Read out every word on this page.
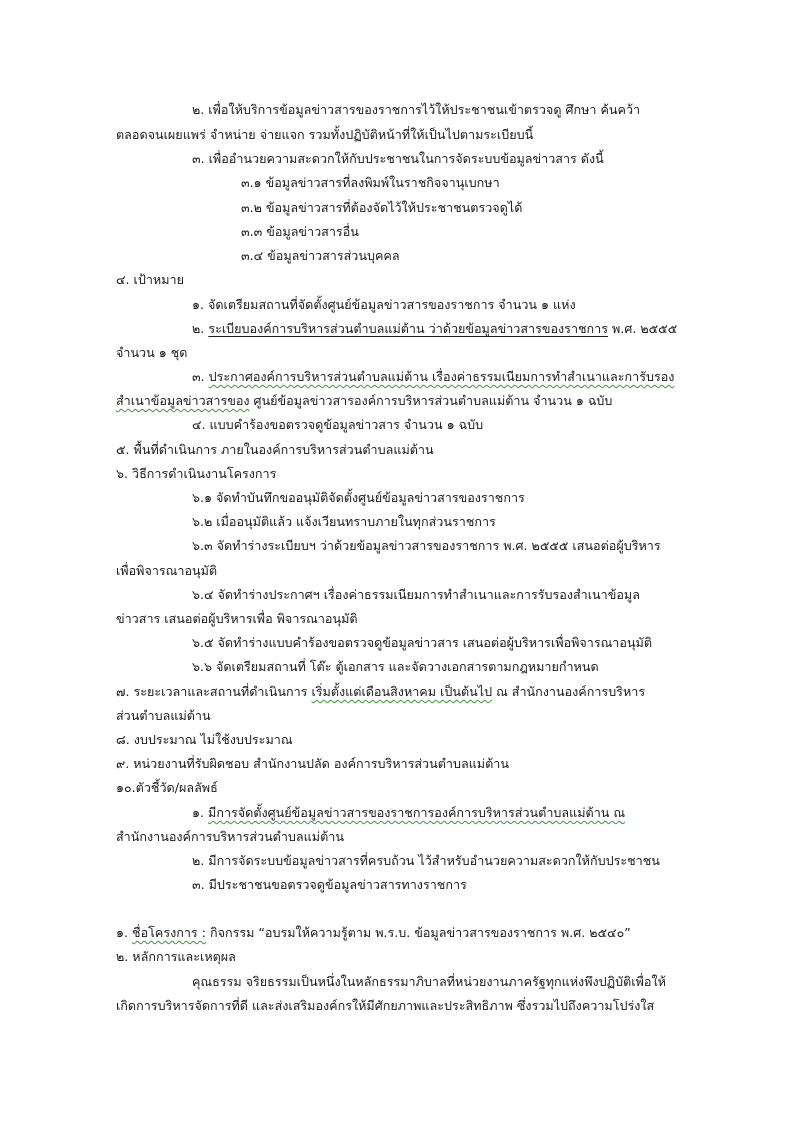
๒. เพื่อให้บริการข้อมูลข่าวสารของราชการไว้ให้ประชาชนเข้าตรวจดู ศึกษา ค้นคว้า
ตลอดจนเผยแพร่ จำหน่าย จ่ายแจก รวมทั้งปฏิบัติหน้าที่ให้เป็นไปตามระเบียบนี้
๓. เพื่ออำนวยความสะดวกให้กับประชาชนในการจัดระบบข้อมูลข่าวสาร ดังนี้
๓.๑ ข้อมูลข่าวสารที่ลงพิมพ์ในราชกิจจานุเบกษา
๓.๒ ข้อมูลข่าวสารที่ต้องจัดไว้ให้ประชาชนตรวจดูได้
๓.๓ ข้อมูลข่าวสารอื่น
๓.๔ ข้อมูลข่าวสารส่วนบุคคล
๔. เป้าหมาย
๑. จัดเตรียมสถานที่จัดตั้งศูนย์ข้อมูลข่าวสารของราชการ จำนวน ๑ แห่ง
๒. ระเบียบองค์การบริหารส่วนตำบลแม่ต้าน ว่าด้วยข้อมูลข่าวสารของราชการ พ.ศ. ๒๕๕๕
จำนวน ๑ ชุด
๓. ประกาศองค์การบริหารส่วนตำบลแม่ต้าน เรื่องค่าธรรมเนียมการทำสำเนาและการับรอง
สำเนาข้อมูลข่าวสารของ ศูนย์ข้อมูลข่าวสารองค์การบริหารส่วนตำบลแม่ต้าน จำนวน ๑ ฉบับ
๔. แบบคำร้องขอตรวจดูข้อมูลข่าวสาร จำนวน ๑ ฉบับ
๕. พื้นที่ดำเนินการ ภายในองค์การบริหารส่วนตำบลแม่ต้าน
๖. วิธีการดำเนินงานโครงการ
๖.๑ จัดทำบันทึกขออนุมัติจัดตั้งศูนย์ข้อมูลข่าวสารของราชการ
๖.๒ เมื่ออนุมัติแล้ว แจ้งเวียนทราบภายในทุกส่วนราชการ
๖.๓ จัดทำร่างระเบียบฯ ว่าด้วยข้อมูลข่าวสารของราชการ พ.ศ. ๒๕๕๕ เสนอต่อผู้บริหาร
เพื่อพิจารณาอนุมัติ
๖.๔ จัดทำร่างประกาศฯ เรื่องค่าธรรมเนียมการทำสำเนาและการรับรองสำเนาข้อมูล
ข่าวสาร เสนอต่อผู้บริหารเพื่อ พิจารณาอนุมัติ
๖.๕ จัดทำร่างแบบคำร้องขอตรวจดูข้อมูลข่าวสาร เสนอต่อผู้บริหารเพื่อพิจารณาอนุมัติ
๖.๖ จัดเตรียมสถานที่ โต๊ะ ตู้เอกสาร และจัดวางเอกสารตามกฎหมายกำหนด
๗. ระยะเวลาและสถานที่ดำเนินการ เริ่มตั้งแต่เดือนสิงหาคม เป็นต้นไป ณ สำนักงานองค์การบริหาร
ส่วนตำบลแม่ต้าน
๘. งบประมาณ ไม่ใช้งบประมาณ
๙. หน่วยงานที่รับผิดชอบ สำนักงานปลัด องค์การบริหารส่วนตำบลแม่ต้าน
๑๐.ตัวชี้วัด/ผลลัพธ์
๑. มีการจัดตั้งศูนย์ข้อมูลข่าวสารของราชการองค์การบริหารส่วนตำบลแม่ต้าน ณ
สำนักงานองค์การบริหารส่วนตำบลแม่ต้าน
๒. มีการจัดระบบข้อมูลข่าวสารที่ครบถ้วน ไว้สำหรับอำนวยความสะดวกให้กับประชาชน
๓. มีประชาชนขอตรวจดูข้อมูลข่าวสารทางราชการ
๑. ชื่อโครงการ : กิจกรรม “อบรมให้ความรู้ตาม พ.ร.บ. ข้อมูลข่าวสารของราชการ พ.ศ. ๒๕๔๐”
๒. หลักการและเหตุผล
คุณธรรม จริยธรรมเป็นหนึ่งในหลักธรรมาภิบาลที่หน่วยงานภาครัฐทุกแห่งพึงปฏิบัติเพื่อให้
เกิดการบริหารจัดการที่ดี และส่งเสริมองค์กรให้มีศักยภาพและประสิทธิภาพ ซึ่งรวมไปถึงความโปร่งใส
